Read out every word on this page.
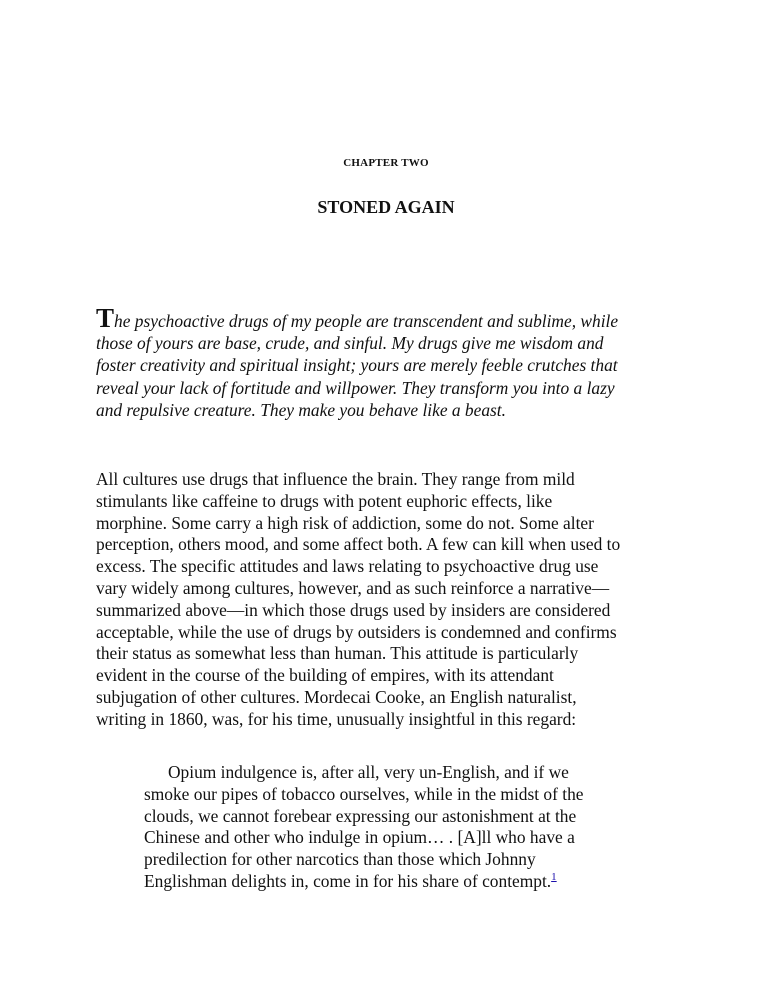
CHAPTER TWO
STONED AGAIN
The psychoactive drugs of my people are transcendent and sublime, while
those of yours are base, crude, and sinful. My drugs give me wisdom and
foster creativity and spiritual insight; yours are merely feeble crutches that
reveal your lack of fortitude and willpower. They transform you into a lazy
and repulsive creature. They make you behave like a beast.
All cultures use drugs that influence the brain. They range from mild
stimulants like caffeine to drugs with potent euphoric effects, like
morphine. Some carry a high risk of addiction, some do not. Some alter
perception, others mood, and some affect both. A few can kill when used to
excess. The specific attitudes and laws relating to psychoactive drug use
vary widely among cultures, however, and as such reinforce a narrative—
summarized above—in which those drugs used by insiders are considered
acceptable, while the use of drugs by outsiders is condemned and confirms
their status as somewhat less than human. This attitude is particularly
evident in the course of the building of empires, with its attendant
subjugation of other cultures. Mordecai Cooke, an English naturalist,
writing in 1860, was, for his time, unusually insightful in this regard:
Opium indulgence is, after all, very un-English, and if we
smoke our pipes of tobacco ourselves, while in the midst of the
clouds, we cannot forebear expressing our astonishment at the
Chinese and other who indulge in opium… . [A]ll who have a
predilection for other narcotics than those which Johnny
Englishman delights in, come in for his share of contempt.$^1$
